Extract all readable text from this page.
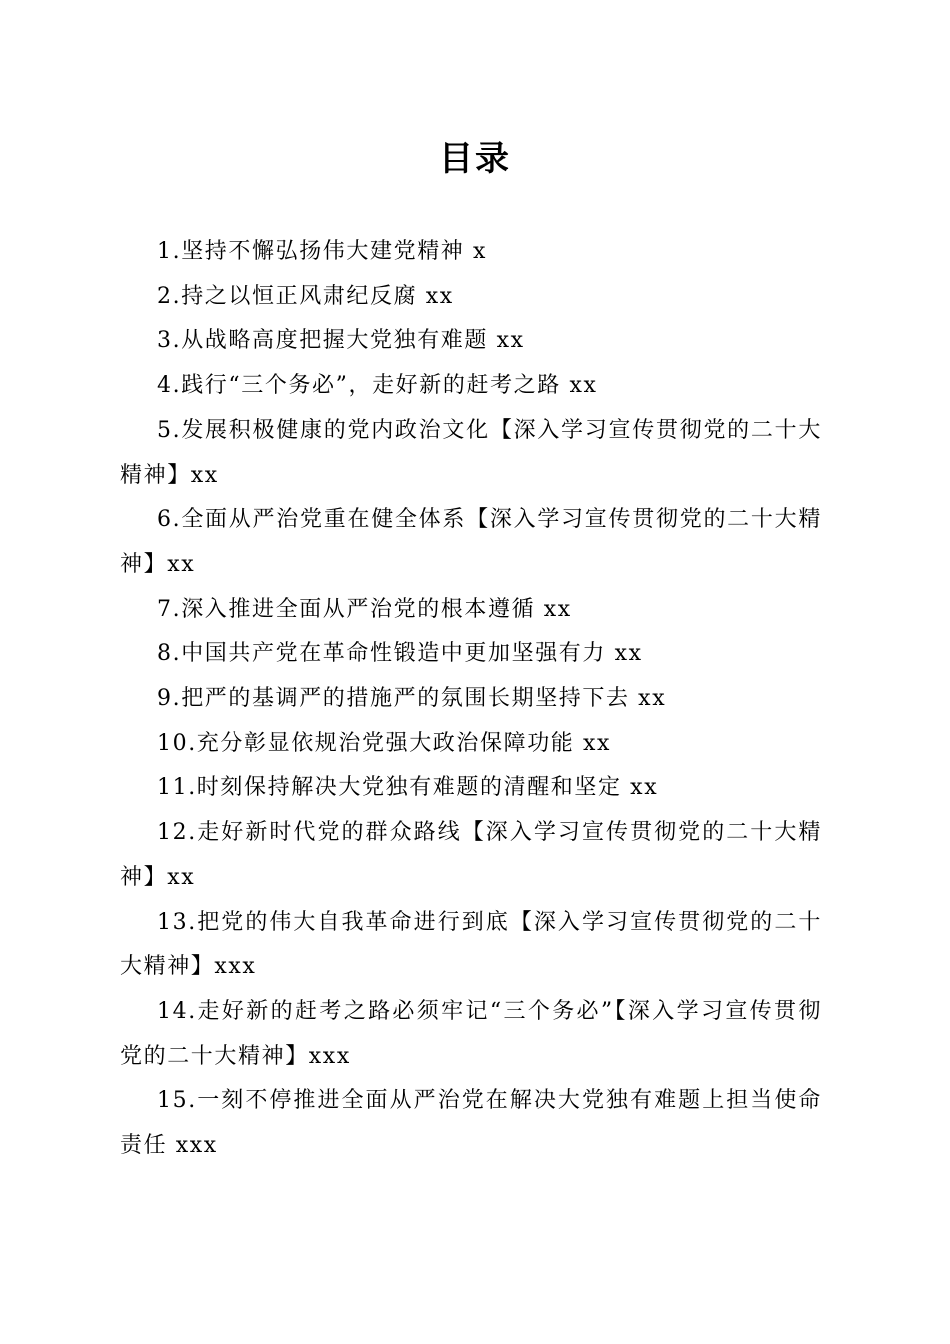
目录
1.坚持不懈弘扬伟大建党精神 x
2.持之以恒正风肃纪反腐 xx
3.从战略高度把握大党独有难题 xx
4.践行“三个务必”，走好新的赶考之路 xx
5.发展积极健康的党内政治文化【深入学习宣传贯彻党的二十大精神】xx
6.全面从严治党重在健全体系【深入学习宣传贯彻党的二十大精神】xx
7.深入推进全面从严治党的根本遵循 xx
8.中国共产党在革命性锻造中更加坚强有力 xx
9.把严的基调严的措施严的氛围长期坚持下去 xx
10.充分彰显依规治党强大政治保障功能 xx
11.时刻保持解决大党独有难题的清醒和坚定 xx
12.走好新时代党的群众路线【深入学习宣传贯彻党的二十大精神】xx
13.把党的伟大自我革命进行到底【深入学习宣传贯彻党的二十大精神】xxx
14.走好新的赶考之路必须牢记“三个务必”【深入学习宣传贯彻党的二十大精神】xxx
15.一刻不停推进全面从严治党在解决大党独有难题上担当使命责任 xxx
